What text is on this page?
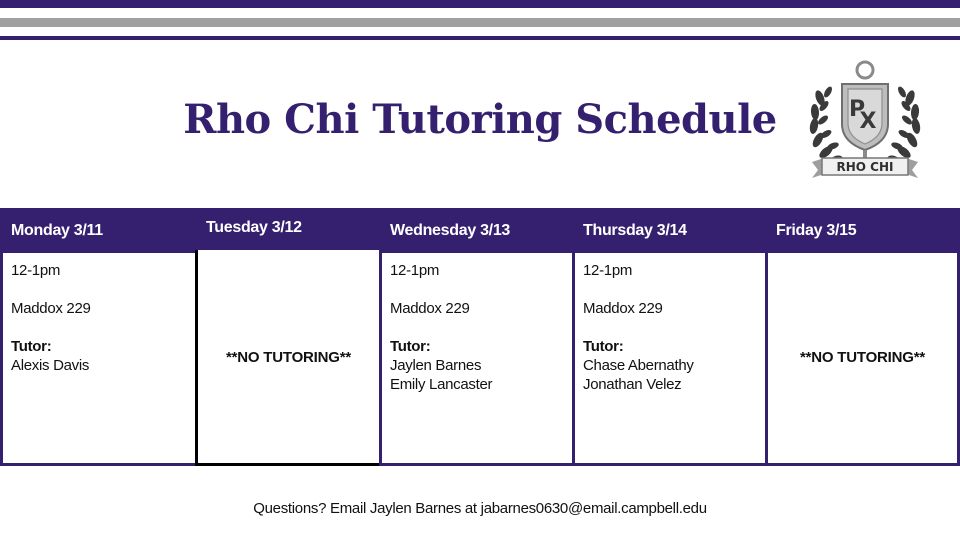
Rho Chi Tutoring Schedule	P
X
RHO CHI
Monday 3/11
12-1pm
Maddox 229
Tutor:
Alexis Davis
Tuesday 3/12
**NO TUTORING**
Wednesday 3/13
12-1pm
Maddox 229
Tutor:
Jaylen Barnes
Emily Lancaster
Thursday 3/14
12-1pm
Maddox 229
Tutor:
Chase Abernathy
Jonathan Velez
Friday 3/15
**NO TUTORING**
Questions? Email Jaylen Barnes at jabarnes0630@email.campbell.edu
